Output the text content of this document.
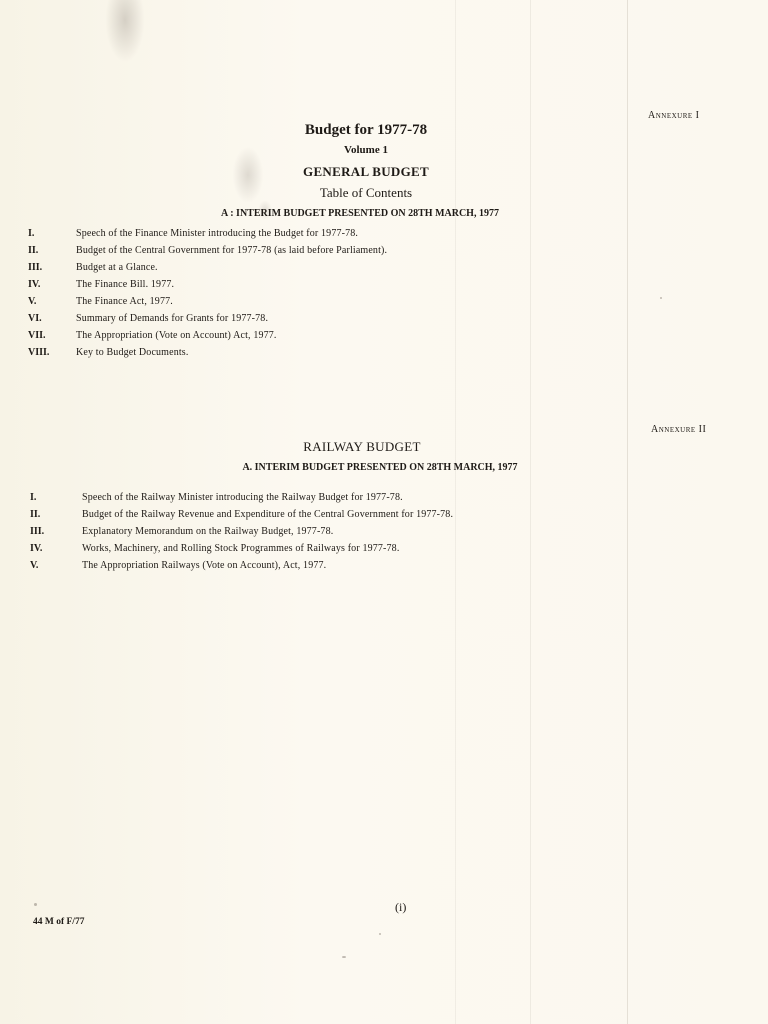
Annexure I
Annexure II
Budget for 1977-78
Volume 1
GENERAL BUDGET
Table of Contents
A : INTERIM BUDGET PRESENTED ON 28TH MARCH, 1977
I.	Speech of the Finance Minister introducing the Budget for 1977-78.
II.	Budget of the Central Government for 1977-78 (as laid before Parliament).
III.	Budget at a Glance.
IV.	The Finance Bill. 1977.
V.	The Finance Act, 1977.
VI.	Summary of Demands for Grants for 1977-78.
VII.	The Appropriation (Vote on Account) Act, 1977.
VIII.	Key to Budget Documents.
RAILWAY BUDGET
A. INTERIM BUDGET PRESENTED ON 28TH MARCH, 1977
I.	Speech of the Railway Minister introducing the Railway Budget for 1977-78.
II.	Budget of the Railway Revenue and Expenditure of the Central Government for 1977-78.
III.	Explanatory Memorandum on the Railway Budget, 1977-78.
IV.	Works, Machinery, and Rolling Stock Programmes of Railways for 1977-78.
V.	The Appropriation Railways (Vote on Account), Act, 1977.
(i)
44 M of F/77
